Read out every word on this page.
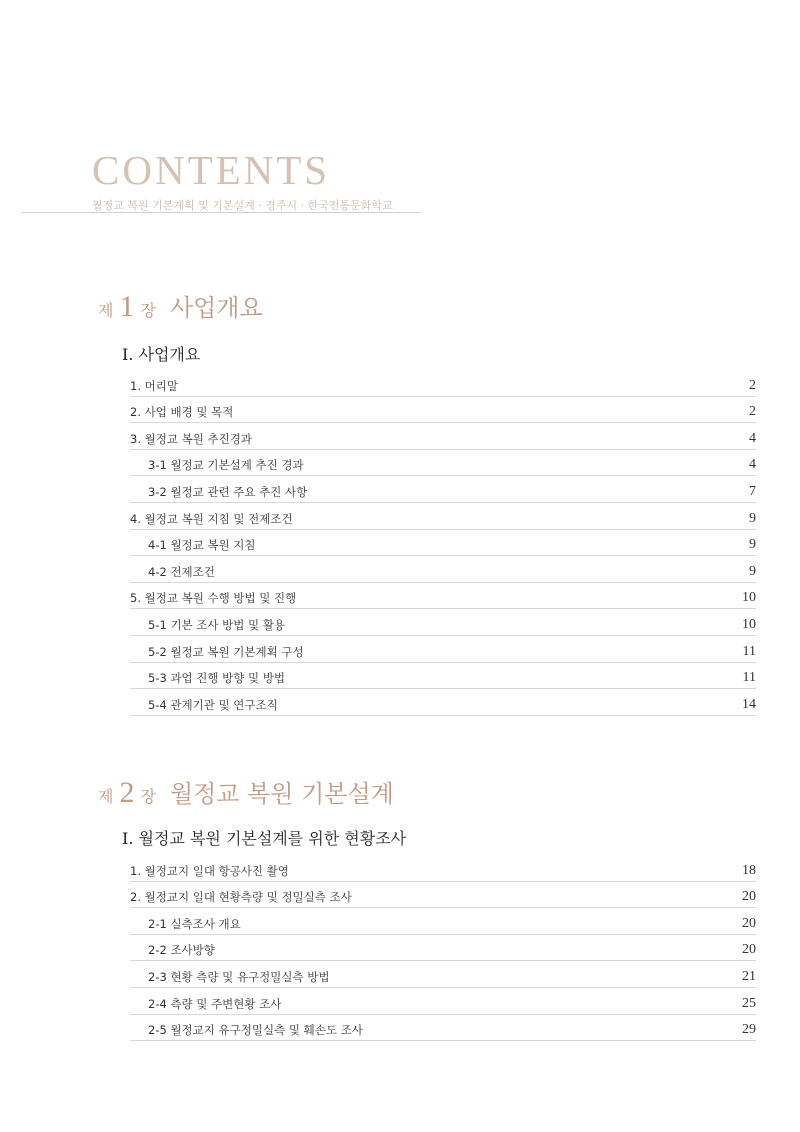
CONTENTS
월정교 복원 기본계획 및 기본설계 · 경주시 · 한국전통문화학교
제 1 장 사업개요
Ⅰ. 사업개요
1. 머리말	2
2. 사업 배경 및 목적	2
3. 월정교 복원 추진경과	4
3-1 월정교 기본설계 추진 경과	4
3-2 월정교 관련 주요 추진 사항	7
4. 월정교 복원 지침 및 전제조건	9
4-1 월정교 복원 지침	9
4-2 전제조건	9
5. 월정교 복원 수행 방법 및 진행	10
5-1 기본 조사 방법 및 활용	10
5-2 월정교 복원 기본계획 구성	11
5-3 과업 진행 방향 및 방법	11
5-4 관계기관 및 연구조직	14
제 2 장 월정교 복원 기본설계
Ⅰ. 월정교 복원 기본설계를 위한 현황조사
1. 월정교지 일대 항공사진 촬영	18
2. 월정교지 일대 현황측량 및 정밀실측 조사	20
2-1 실측조사 개요	20
2-2 조사방향	20
2-3 현황 측량 및 유구정밀실측 방법	21
2-4 측량 및 주변현황 조사	25
2-5 월정교지 유구정밀실측 및 훼손도 조사	29
